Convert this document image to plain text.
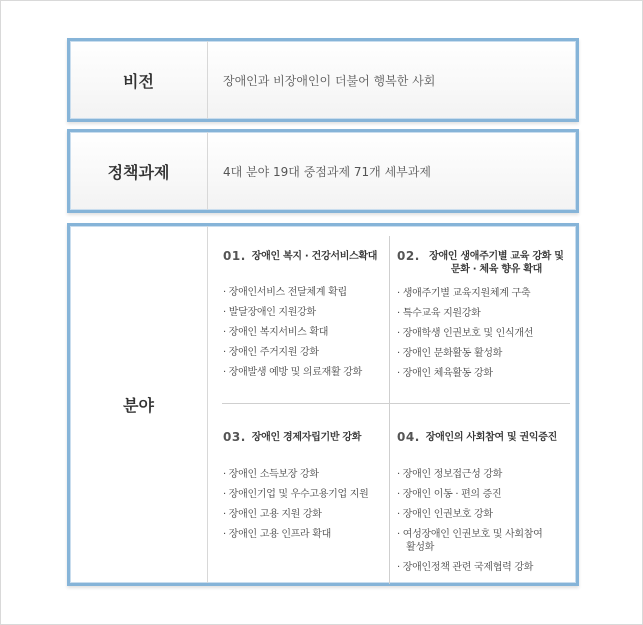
비전	장애인과 비장애인이 더불어 행복한 사회
정책과제	4대 분야 19대 중점과제 71개 세부과제
분야
01. 장애인 복지 · 건강서비스확대
· 장애인서비스 전달체계 확립
· 발달장애인 지원강화
· 장애인 복지서비스 확대
· 장애인 주거지원 강화
· 장애발생 예방 및 의료재활 강화
02. 장애인 생애주기별 교육 강화 및 문화 · 체육 향유 확대
· 생애주기별 교육지원체계 구축
· 특수교육 지원강화
· 장애학생 인권보호 및 인식개선
· 장애인 문화활동 활성화
· 장애인 체육활동 강화
03. 장애인 경제자립기반 강화
· 장애인 소득보장 강화
· 장애인기업 및 우수고용기업 지원
· 장애인 고용 지원 강화
· 장애인 고용 인프라 확대
04. 장애인의 사회참여 및 권익증진
· 장애인 정보접근성 강화
· 장애인 이동 · 편의 증진
· 장애인 인권보호 강화
· 여성장애인 인권보호 및 사회참여
활성화
· 장애인정책 관련 국제협력 강화
